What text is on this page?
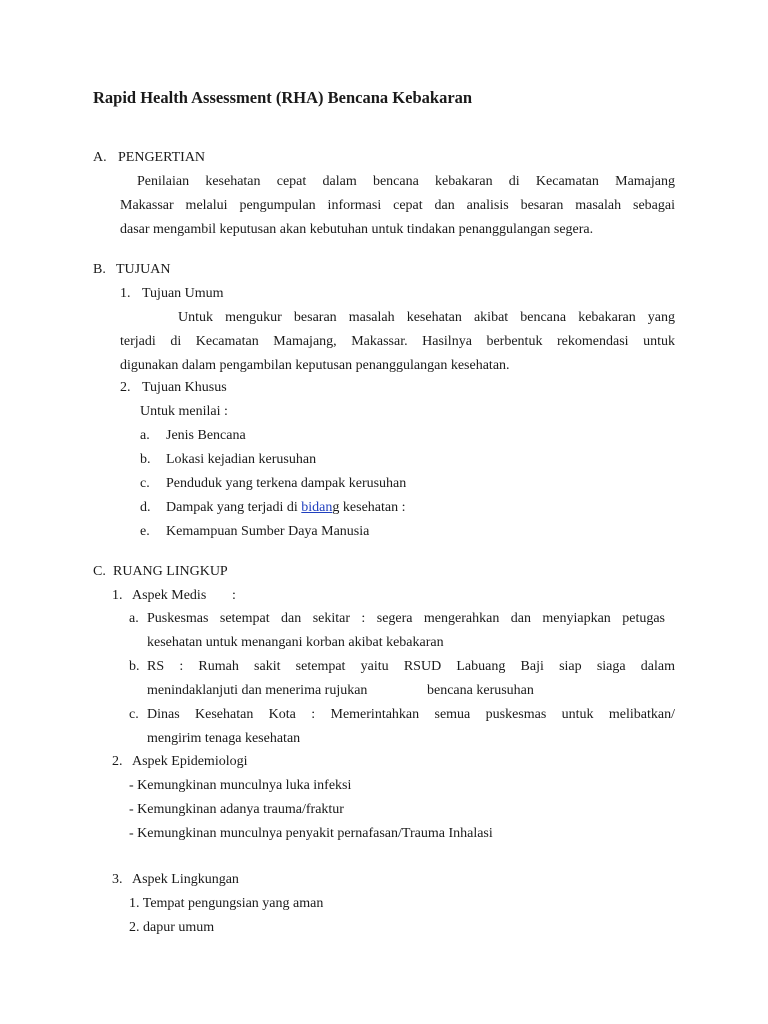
Rapid Health Assessment (RHA) Bencana Kebakaran
A. PENGERTIAN
Penilaian kesehatan cepat dalam bencana kebakaran di Kecamatan Mamajang
Makassar melalui pengumpulan informasi cepat dan analisis besaran masalah sebagai
dasar mengambil keputusan akan kebutuhan untuk tindakan penanggulangan segera.
B. TUJUAN
1. Tujuan Umum
Untuk mengukur besaran masalah kesehatan akibat bencana kebakaran yang
terjadi di Kecamatan Mamajang, Makassar. Hasilnya berbentuk rekomendasi untuk
digunakan dalam pengambilan keputusan penanggulangan kesehatan.
2. Tujuan Khusus
Untuk menilai :
a. Jenis Bencana
b. Lokasi kejadian kerusuhan
c. Penduduk yang terkena dampak kerusuhan
d. Dampak yang terjadi di bidang kesehatan :
e. Kemampuan Sumber Daya Manusia
C. RUANG LINGKUP
1. Aspek Medis :
a. Puskesmas setempat dan sekitar : segera mengerahkan dan menyiapkan petugas
kesehatan untuk menangani korban akibat kebakaran
b. RS : Rumah sakit setempat yaitu RSUD Labuang Baji siap siaga dalam
menindaklanjuti dan menerima rujukan	bencana kerusuhan
c. Dinas Kesehatan Kota : Memerintahkan semua puskesmas untuk melibatkan/
mengirim tenaga kesehatan
2. Aspek Epidemiologi
- Kemungkinan munculnya luka infeksi
- Kemungkinan adanya trauma/fraktur
- Kemungkinan munculnya penyakit pernafasan/Trauma Inhalasi
3. Aspek Lingkungan
1. Tempat pengungsian yang aman
2. dapur umum
